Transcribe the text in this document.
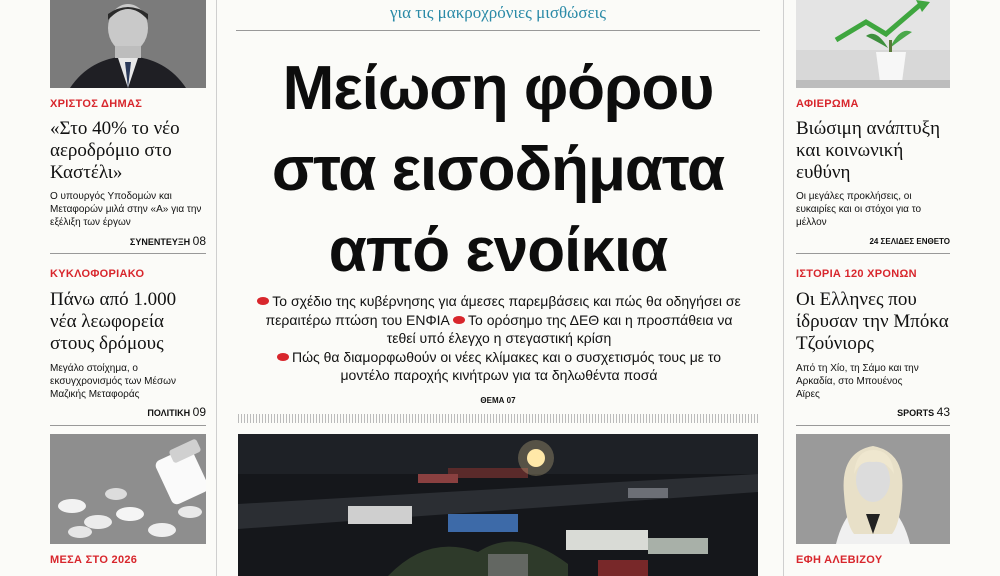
ΧΡΙΣΤΟΣ ΔΗΜΑΣ
«Στο 40% το νέο αεροδρόμιο στο Καστέλι»
Ο υπουργός Υποδομών και Μεταφορών μιλά στην «Α» για την εξέλιξη των έργων
ΣΥΝΕΝΤΕΥΞΗ 08
ΚΥΚΛΟΦΟΡΙΑΚΟ
Πάνω από 1.000 νέα λεωφορεία στους δρόμους
Μεγάλο στοίχημα, ο εκσυγχρονισμός των Μέσων Μαζικής Μεταφοράς
ΠΟΛΙΤΙΚΗ 09
ΜΕΣΑ ΣΤΟ 2026
για τις μακροχρόνιες μισθώσεις
Μείωση φόρου
στα εισοδήματα
από ενοίκια
Το σχέδιο της κυβέρνησης για άμεσες παρεμβάσεις και πώς θα οδηγήσει σε περαιτέρω πτώση του ΕΝΦΙΑ Το ορόσημο της ΔΕΘ και η προσπάθεια να τεθεί υπό έλεγχο η στεγαστική κρίση
Πώς θα διαμορφωθούν οι νέες κλίμακες και ο συσχετισμός τους με το μοντέλο παροχής κινήτρων για τα δηλωθέντα ποσά
ΘΕΜΑ 07
ΑΦΙΕΡΩΜΑ
Βιώσιμη ανάπτυξη και κοινωνική ευθύνη
Οι μεγάλες προκλήσεις, οι ευκαιρίες και οι στόχοι για το μέλλον
24 ΣΕΛΙΔΕΣ ΕΝΘΕΤΟ
ΙΣΤΟΡΙΑ 120 ΧΡΟΝΩΝ
Οι Ελληνες που ίδρυσαν την Μπόκα Τζούνιορς
Από τη Χίο, τη Σάμο και την Αρκαδία, στο Μπουένος Αϊρες
SPORTS 43
ΕΦΗ ΑΛΕΒΙΖΟΥ
